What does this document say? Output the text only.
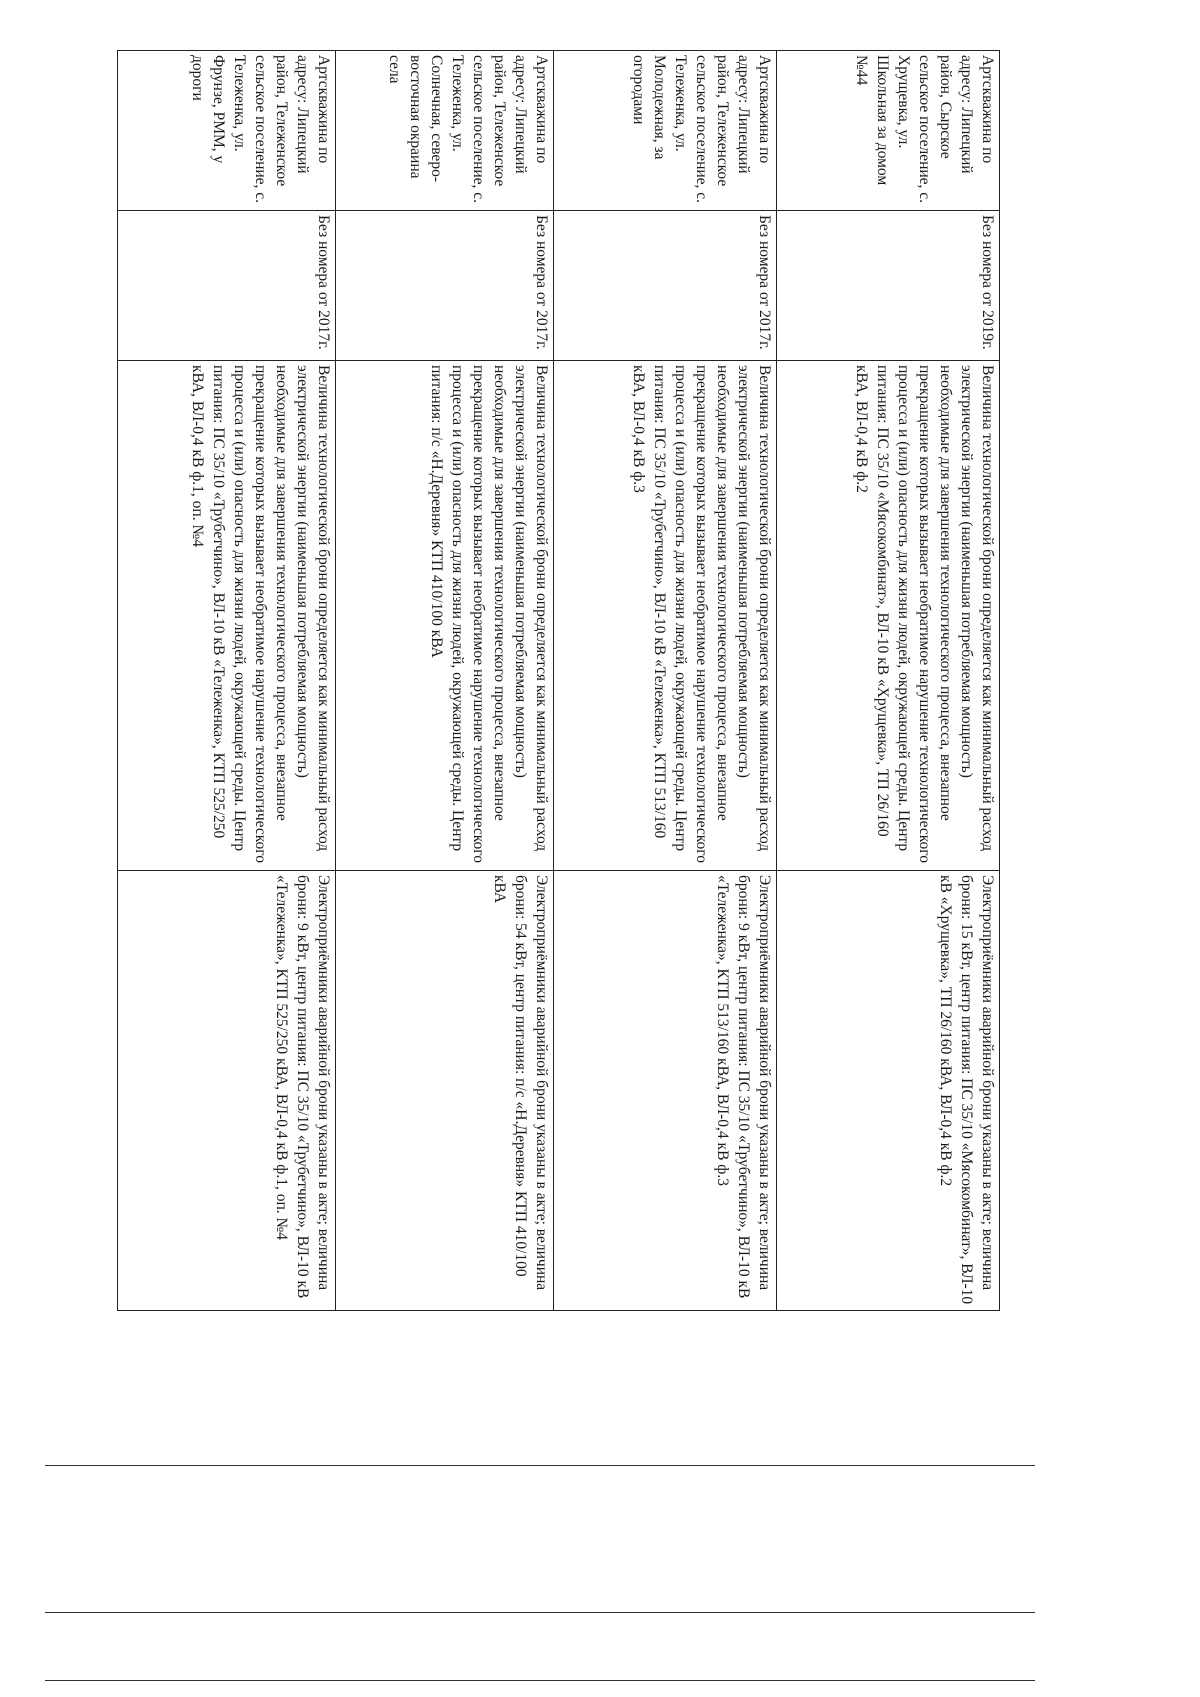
Артскважина по адресу: Липецкий район, Сырское сельское поселение, с. Хрущевка, ул. Школьная за домом №44	Без номера от 2019г.	Величина технологической брони определяется как минимальный расход электрической энергии (наименьшая потребляемая мощность) необходимые для завершения технологического процесса, внезапное прекращение которых вызывает необратимое нарушение технологического процесса и (или) опасность для жизни людей, окружающей среды. Центр питания: ПС 35/10 «Мясокомбинат», ВЛ-10 кВ «Хрущевка», ТП 26/160 кВА, ВЛ-0,4 кВ ф.2	Электроприёмники аварийной брони указаны в акте; величина брони: 15 кВт, центр питания: ПС 35/10 «Мясокомбинат», ВЛ-10 кВ «Хрущевка», ТП 26/160 кВА, ВЛ-0,4 кВ ф.2
Артскважина по адресу: Липецкий район, Тележенское сельское поселение, с. Тележенка, ул. Молодежная, за огородами	Без номера от 2017г.	Величина технологической брони определяется как минимальный расход электрической энергии (наименьшая потребляемая мощность) необходимые для завершения технологического процесса, внезапное прекращение которых вызывает необратимое нарушение технологического процесса и (или) опасность для жизни людей, окружающей среды. Центр питания: ПС 35/10 «Трубетчино», ВЛ-10 кВ «Тележенка», КТП 513/160 кВА, ВЛ-0,4 кВ ф.3	Электроприёмники аварийной брони указаны в акте; величина брони: 9 кВт, центр питания: ПС 35/10 «Трубетчино», ВЛ-10 кВ «Тележенка», КТП 513/160 кВА, ВЛ-0,4 кВ ф.3
Артскважина по адресу: Липецкий район, Тележенское сельское поселение, с. Тележенка, ул. Солнечная, северо-восточная окраина села	Без номера от 2017г.	Величина технологической брони определяется как минимальный расход электрической энергии (наименьшая потребляемая мощность) необходимые для завершения технологического процесса, внезапное прекращение которых вызывает необратимое нарушение технологического процесса и (или) опасность для жизни людей, окружающей среды. Центр питания: п/с «Н.Деревня» КТП 410/100 кВА	Электроприёмники аварийной брони указаны в акте; величина брони: 54 кВт, центр питания: п/с «Н.Деревня» КТП 410/100 кВА
Артскважина по адресу: Липецкий район, Тележенское сельское поселение, с. Тележенка, ул. Фрунзе, РММ, у дороги	Без номера от 2017г.	Величина технологической брони определяется как минимальный расход электрической энергии (наименьшая потребляемая мощность) необходимые для завершения технологического процесса, внезапное прекращение которых вызывает необратимое нарушение технологического процесса и (или) опасность для жизни людей, окружающей среды. Центр питания: ПС 35/10 «Трубетчино», ВЛ-10 кВ «Тележенка», КТП 525/250 кВА, ВЛ-0,4 кВ ф.1, оп. №4	Электроприёмники аварийной брони указаны в акте; величина брони: 9 кВт, центр питания: ПС 35/10 «Трубетчино», ВЛ-10 кВ «Тележенка», КТП 525/250 кВА, ВЛ-0,4 кВ ф.1, оп. №4
